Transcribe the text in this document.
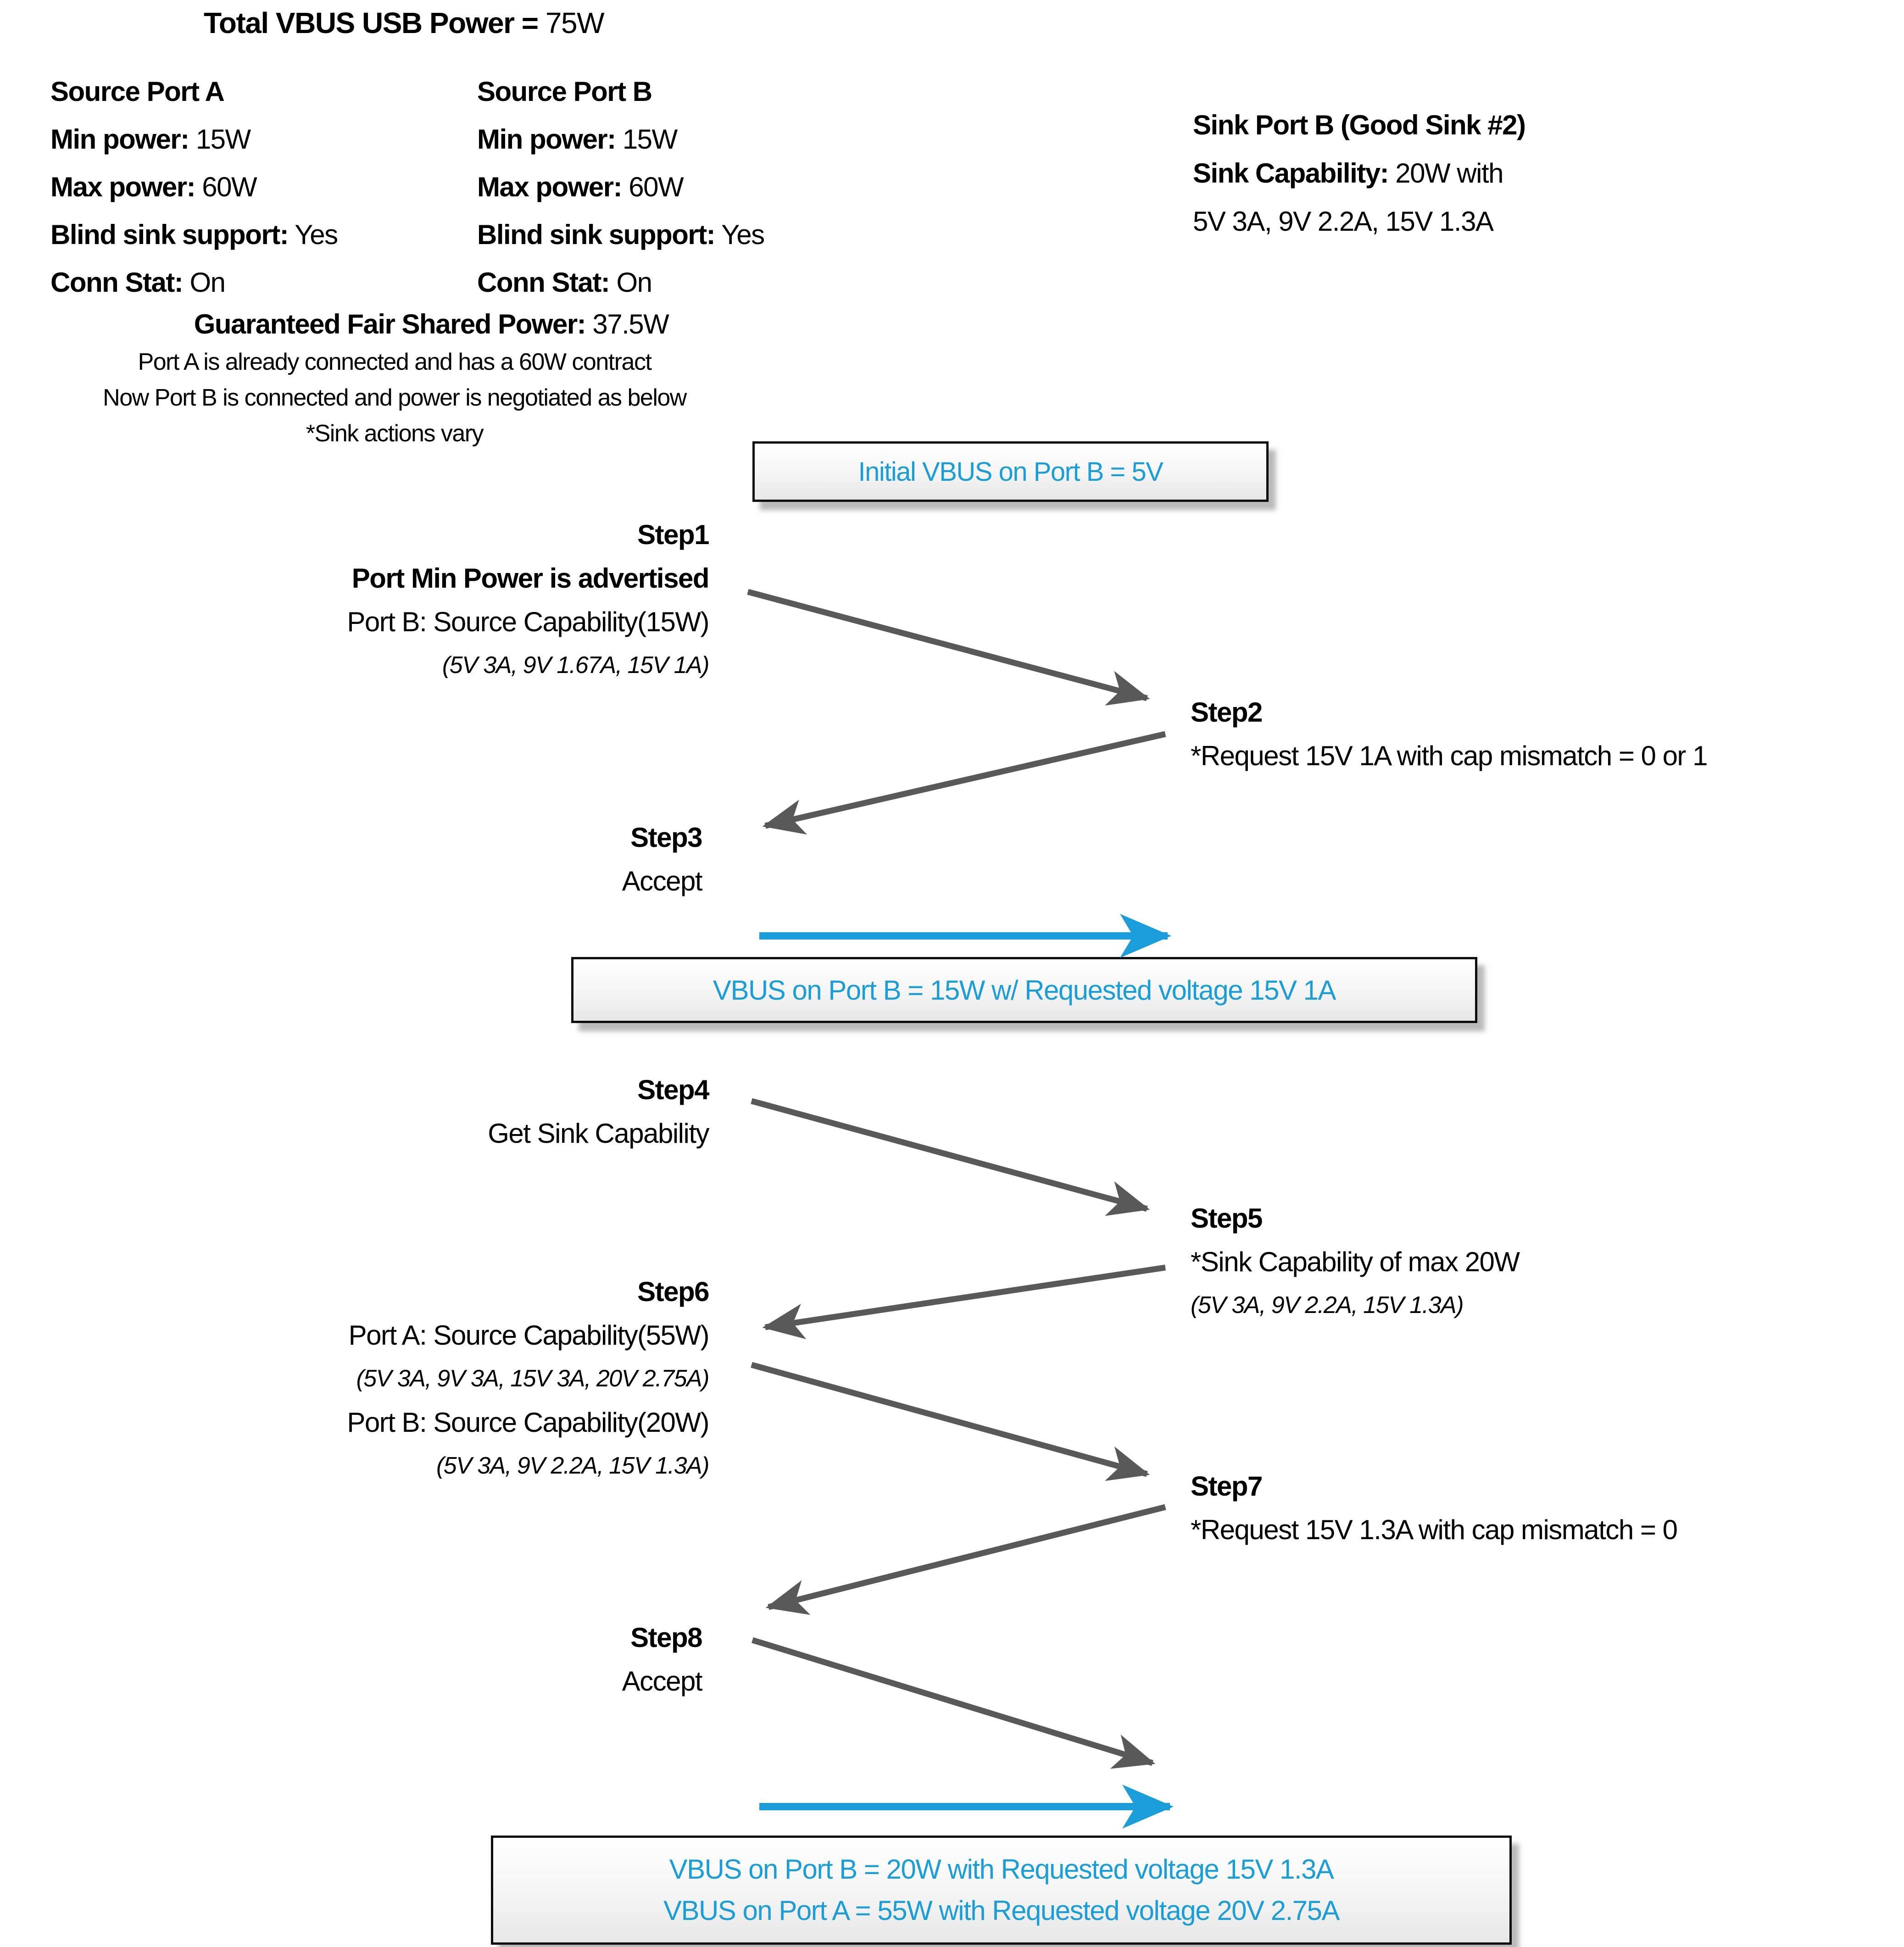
Total VBUS USB Power = 75W
Source Port A
Min power: 15W
Max power: 60W
Blind sink support: Yes
Conn Stat: On
Source Port B
Min power: 15W
Max power: 60W
Blind sink support: Yes
Conn Stat: On
Sink Port B (Good Sink #2)
Sink Capability: 20W with
5V 3A, 9V 2.2A, 15V 1.3A
Guaranteed Fair Shared Power: 37.5W
Port A is already connected and has a 60W contract
Now Port B is connected and power is negotiated as below
*Sink actions vary
Initial VBUS on Port B = 5V
VBUS on Port B = 15W w/ Requested voltage 15V 1A
VBUS on Port B = 20W with Requested voltage 15V 1.3A
VBUS on Port A = 55W with Requested voltage 20V 2.75A
Step1
Port Min Power is advertised
Port B: Source Capability(15W)
(5V 3A, 9V 1.67A, 15V 1A)
Step2
*Request 15V 1A with cap mismatch = 0 or 1
Step3
Accept
Step4
Get Sink Capability
Step5
*Sink Capability of max 20W
(5V 3A, 9V 2.2A, 15V 1.3A)
Step6
Port A: Source Capability(55W)
(5V 3A, 9V 3A, 15V 3A, 20V 2.75A)
Port B: Source Capability(20W)
(5V 3A, 9V 2.2A, 15V 1.3A)
Step7
*Request 15V 1.3A with cap mismatch = 0
Step8
Accept
